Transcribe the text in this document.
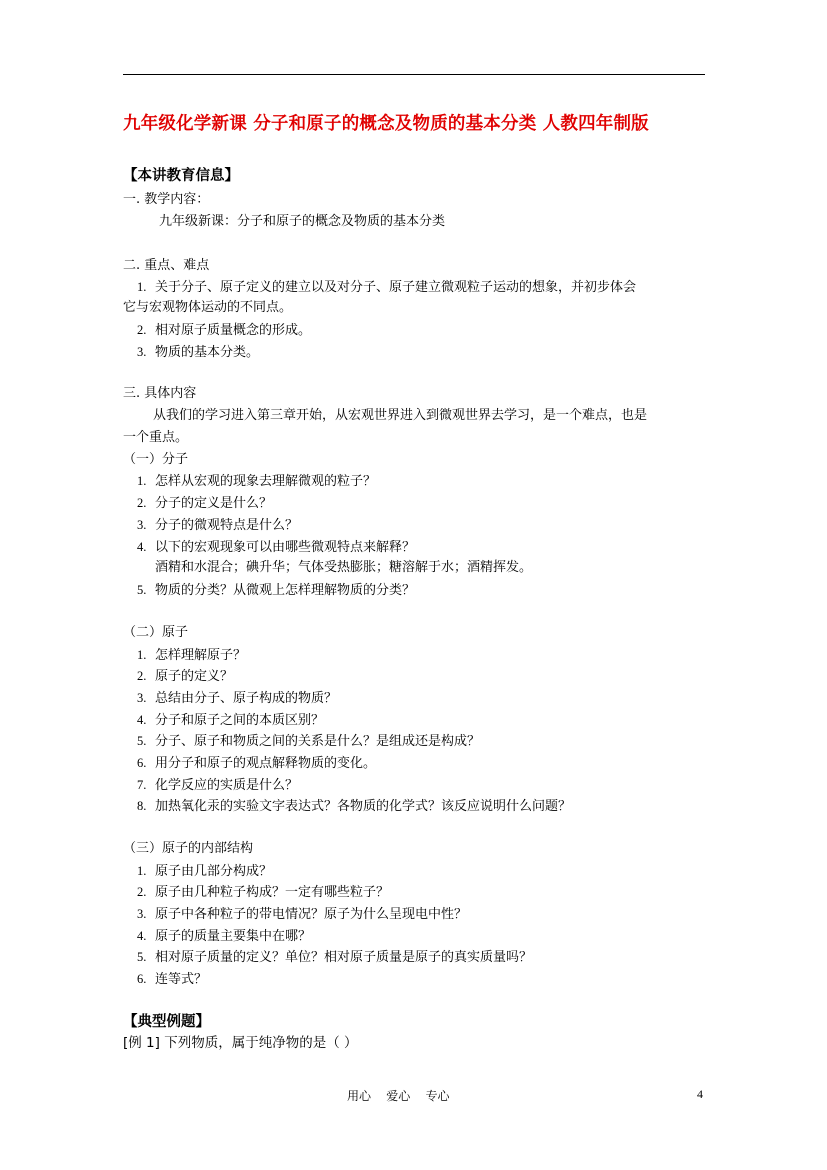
九年级化学新课 分子和原子的概念及物质的基本分类 人教四年制版
【本讲教育信息】
一. 教学内容：
九年级新课：分子和原子的概念及物质的基本分类
二. 重点、难点
1. 关于分子、原子定义的建立以及对分子、原子建立微观粒子运动的想象，并初步体会
它与宏观物体运动的不同点。
2. 相对原子质量概念的形成。
3. 物质的基本分类。
三. 具体内容
从我们的学习进入第三章开始，从宏观世界进入到微观世界去学习，是一个难点，也是
一个重点。
（一）分子
1. 怎样从宏观的现象去理解微观的粒子？
2. 分子的定义是什么？
3. 分子的微观特点是什么？
4. 以下的宏观现象可以由哪些微观特点来解释？
酒精和水混合；碘升华；气体受热膨胀；糖溶解于水；酒精挥发。
5. 物质的分类？从微观上怎样理解物质的分类？
（二）原子
1. 怎样理解原子？
2. 原子的定义？
3. 总结由分子、原子构成的物质？
4. 分子和原子之间的本质区别？
5. 分子、原子和物质之间的关系是什么？是组成还是构成？
6. 用分子和原子的观点解释物质的变化。
7. 化学反应的实质是什么？
8. 加热氧化汞的实验文字表达式？各物质的化学式？该反应说明什么问题？
（三）原子的内部结构
1. 原子由几部分构成？
2. 原子由几种粒子构成？一定有哪些粒子？
3. 原子中各种粒子的带电情况？原子为什么呈现电中性？
4. 原子的质量主要集中在哪？
5. 相对原子质量的定义？单位？相对原子质量是原子的真实质量吗？
6. 连等式？
【典型例题】
[例 1] 下列物质，属于纯净物的是（ ）
用心    爱心    专心	4
